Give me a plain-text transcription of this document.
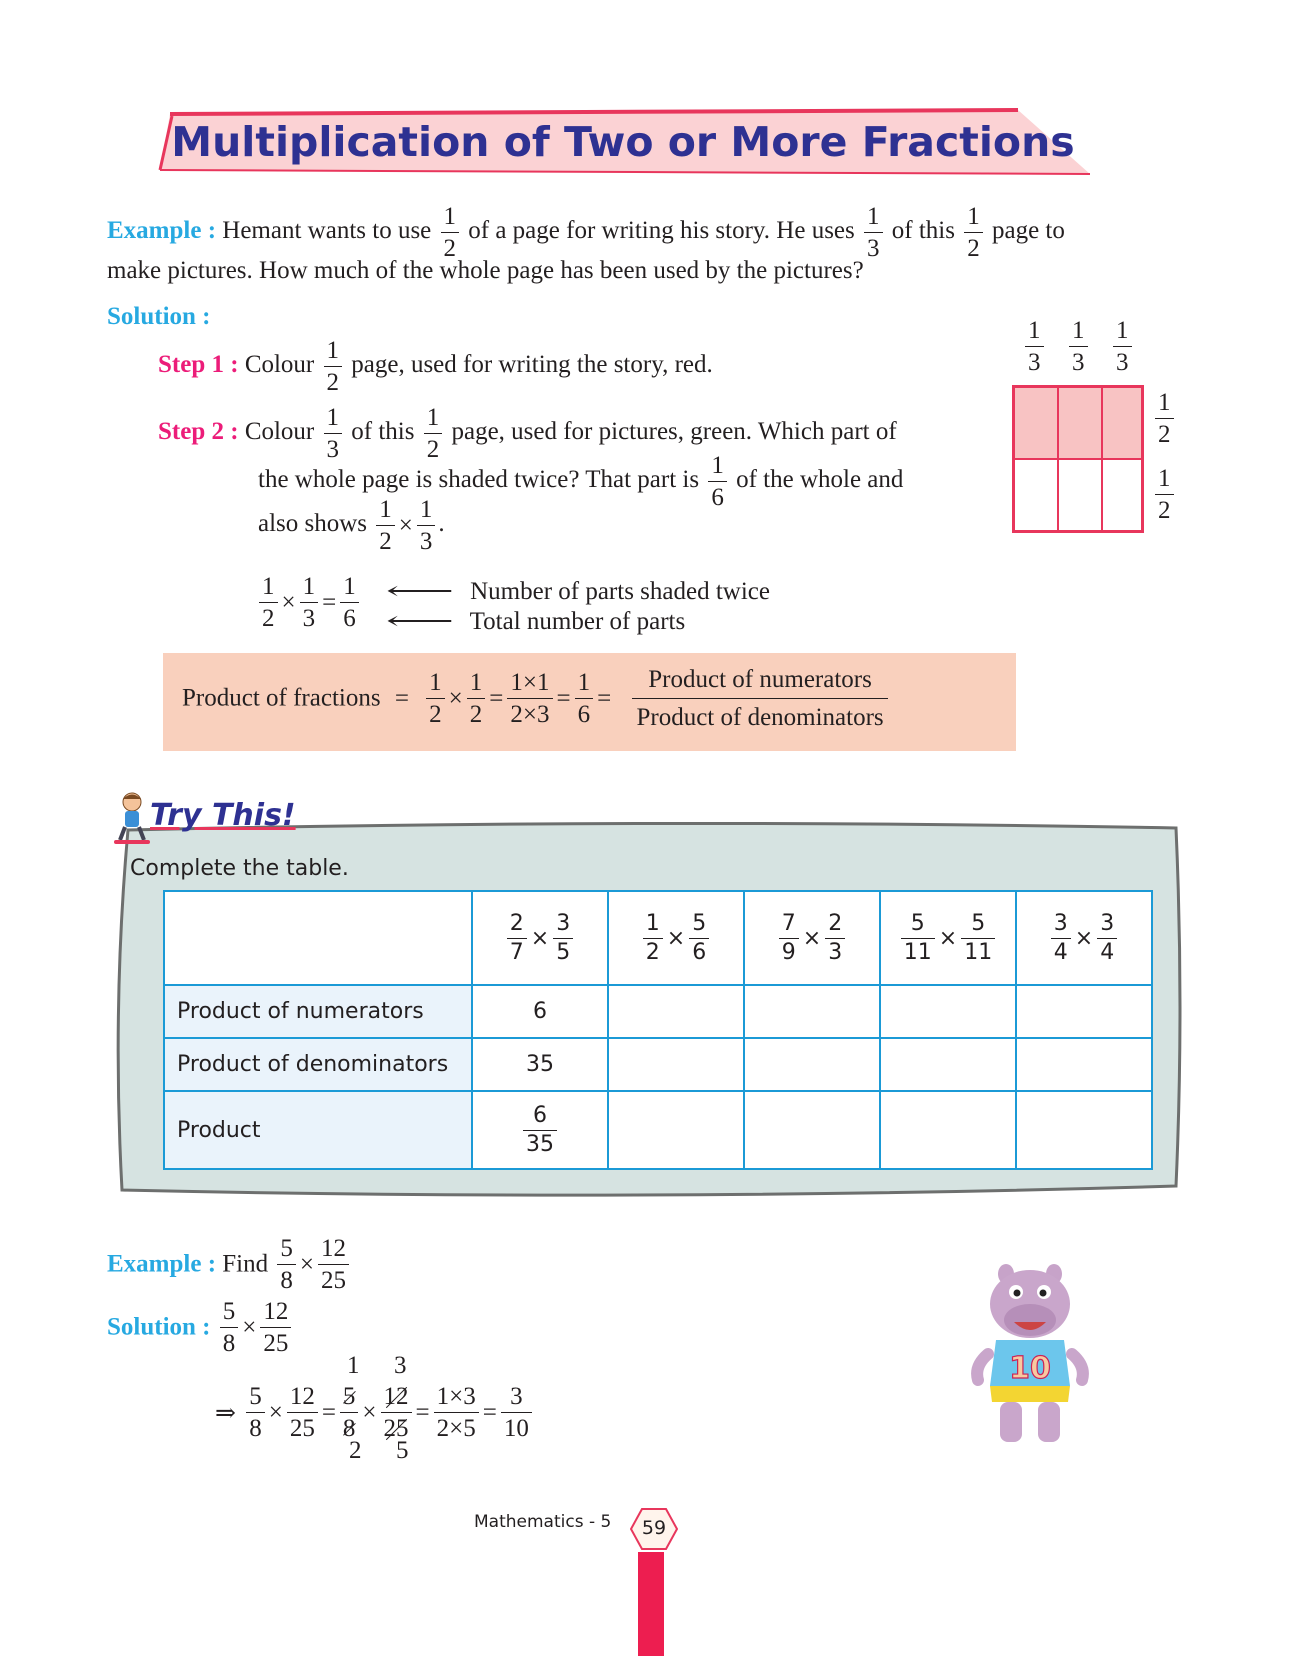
Multiplication of Two or More Fractions
Example : Hemant wants to use $\frac{1}{2}$ of a page for writing his story. He uses $\frac{1}{3}$ of this $\frac{1}{2}$ page to
make pictures. How much of the whole page has been used by the pictures?
Solution :
Step 1 : Colour $\frac{1}{2}$ page, used for writing the story, red.
Step 2 : Colour $\frac{1}{3}$ of this $\frac{1}{2}$ page, used for pictures, green. Which part of
the whole page is shaded twice? That part is $\frac{1}{6}$ of the whole and
also shows $\frac{1}{2} \times \frac{1}{3}$ .
$\frac{1}{3} \frac{1}{3} \frac{1}{3}$
$\frac{1}{2}$
$\frac{1}{2}$
$\frac{1}{2} \times \frac{1}{3} = \frac{1}{6}$	⟵ Number of parts shaded twice
⟵ Total number of parts
Product of fractions = $\frac{1}{2} \times \frac{1}{2} = \frac{1\times 1}{2\times 3} = \frac{1}{6} = \frac{\text{Product of numerators}}{\text{Product of denominators}}$
Try This!
Complete the table.

	$\frac{2}{7} \times \frac{3}{5}$	$\frac{1}{2} \times \frac{5}{6}$	$\frac{7}{9} \times \frac{2}{3}$	$\frac{5}{11} \times \frac{5}{11}$	$\frac{3}{4} \times \frac{3}{4}$

Product of numerators	6				
Product of denominators	35				
Product	$\frac{6}{35}$

Example : Find $\frac{5}{8} \times \frac{12}{25}$
Solution : $\frac{5}{8} \times \frac{12}{25}$
1 3
⇒ $\frac{5}{8} \times \frac{12}{25} = \frac{5}{8} \times \frac{12}{25} = \frac{1\times 3}{2\times 5} = \frac{3}{10}$
2 5
10
Mathematics - 5	59
